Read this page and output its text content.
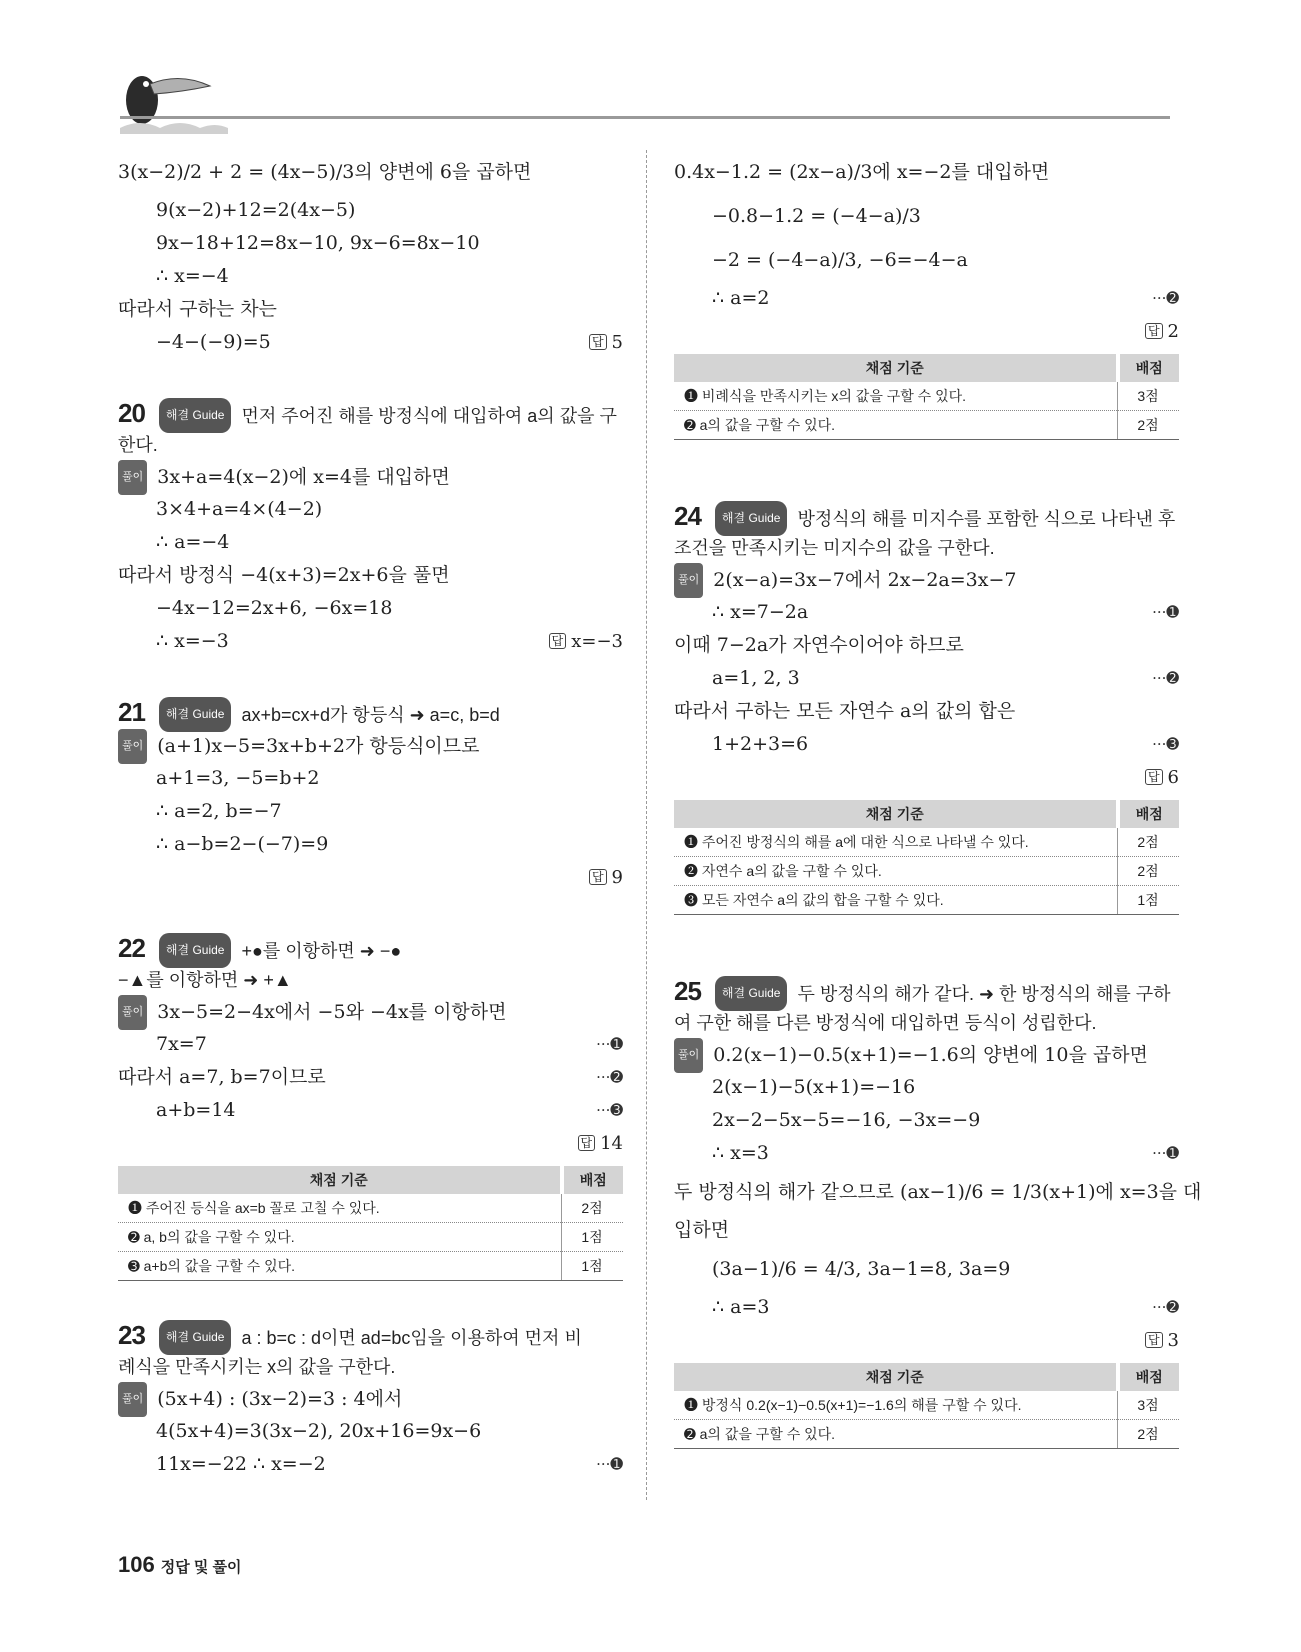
3(x−2)/2 + 2 = (4x−5)/3의 양변에 6을 곱하면
9(x−2)+12=2(4x−5)
9x−18+12=8x−10, 9x−6=8x−10
∴ x=−4
따라서 구하는 차는
−4−(−9)=5	답 5
20 해결 Guide 먼저 주어진 해를 방정식에 대입하여 a의 값을 구
한다.
풀이 3x+a=4(x−2)에 x=4를 대입하면
3×4+a=4×(4−2)
∴ a=−4
따라서 방정식 −4(x+3)=2x+6을 풀면
−4x−12=2x+6, −6x=18
∴ x=−3	답 x=−3
21 해결 Guide ax+b=cx+d가 항등식 ➜ a=c, b=d
풀이 (a+1)x−5=3x+b+2가 항등식이므로
a+1=3, −5=b+2
∴ a=2, b=−7
∴ a−b=2−(−7)=9
답 9
22 해결 Guide +●를 이항하면 ➜ −●
−▲를 이항하면 ➜ +▲
풀이 3x−5=2−4x에서 −5와 −4x를 이항하면
7x=7	···➊
따라서 a=7, b=7이므로	···➋
a+b=14	···➌
답 14
채점 기준	배점
➊ 주어진 등식을 ax=b 꼴로 고칠 수 있다.	2점
➋ a, b의 값을 구할 수 있다.	1점
➌ a+b의 값을 구할 수 있다.	1점
23 해결 Guide a : b=c : d이면 ad=bc임을 이용하여 먼저 비
례식을 만족시키는 x의 값을 구한다.
풀이 (5x+4) : (3x−2)=3 : 4에서
4(5x+4)=3(3x−2), 20x+16=9x−6
11x=−22 ∴ x=−2	···➊
0.4x−1.2 = (2x−a)/3에 x=−2를 대입하면
−0.8−1.2 = (−4−a)/3
−2 = (−4−a)/3, −6=−4−a
∴ a=2	···➋
답 2
채점 기준	배점
➊ 비례식을 만족시키는 x의 값을 구할 수 있다.	3점
➋ a의 값을 구할 수 있다.	2점
24 해결 Guide 방정식의 해를 미지수를 포함한 식으로 나타낸 후
조건을 만족시키는 미지수의 값을 구한다.
풀이 2(x−a)=3x−7에서 2x−2a=3x−7
∴ x=7−2a	···➊
이때 7−2a가 자연수이어야 하므로
a=1, 2, 3	···➋
따라서 구하는 모든 자연수 a의 값의 합은
1+2+3=6	···➌
답 6
채점 기준	배점
➊ 주어진 방정식의 해를 a에 대한 식으로 나타낼 수 있다.	2점
➋ 자연수 a의 값을 구할 수 있다.	2점
➌ 모든 자연수 a의 값의 합을 구할 수 있다.	1점
25 해결 Guide 두 방정식의 해가 같다. ➜ 한 방정식의 해를 구하
여 구한 해를 다른 방정식에 대입하면 등식이 성립한다.
풀이 0.2(x−1)−0.5(x+1)=−1.6의 양변에 10을 곱하면
2(x−1)−5(x+1)=−16
2x−2−5x−5=−16, −3x=−9
∴ x=3	···➊
두 방정식의 해가 같으므로 (ax−1)/6 = 1/3(x+1)에 x=3을 대
입하면
(3a−1)/6 = 4/3, 3a−1=8, 3a=9
∴ a=3	···➋
답 3
채점 기준	배점
➊ 방정식 0.2(x−1)−0.5(x+1)=−1.6의 해를 구할 수 있다.	3점
➋ a의 값을 구할 수 있다.	2점
106 정답 및 풀이
